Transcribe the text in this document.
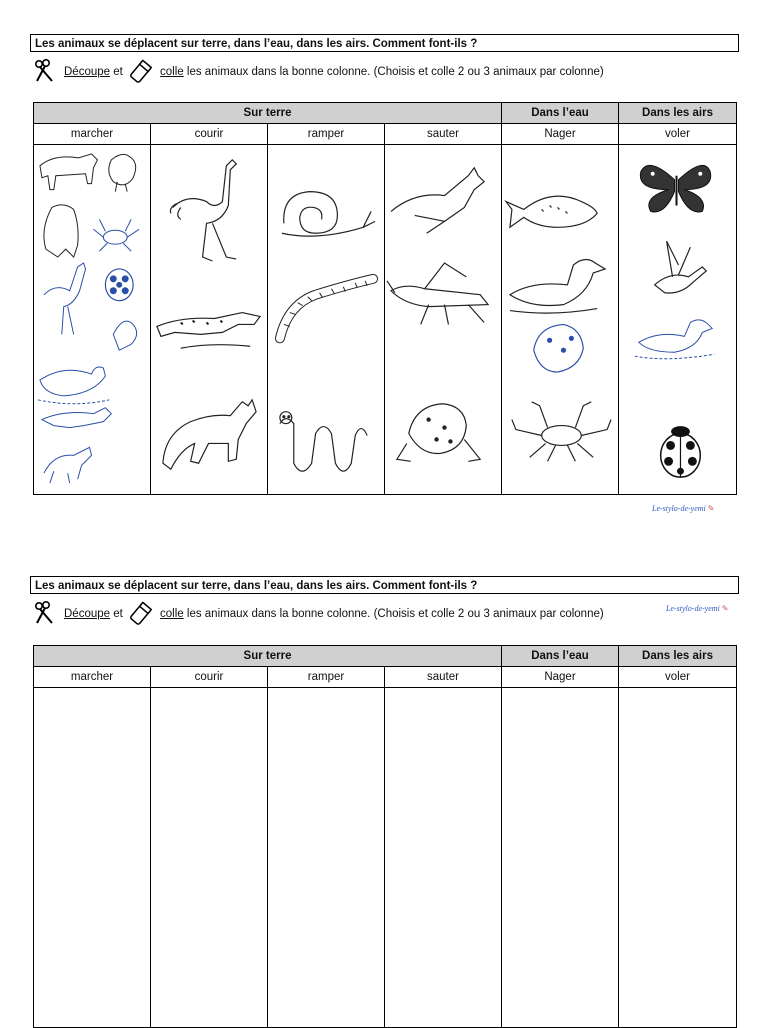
Les animaux se déplacent sur terre, dans l’eau, dans les airs. Comment font-ils ?
Découpe et	colle les animaux dans la bonne colonne. (Choisis et colle 2 ou 3 animaux par colonne)
Sur terre				Dans l’eau	Dans les airs
marcher	courir	ramper	sauter	Nager	voler

Le-stylo-de-yemi ✎
Les animaux se déplacent sur terre, dans l’eau, dans les airs. Comment font-ils ?
Découpe et	colle les animaux dans la bonne colonne. (Choisis et colle 2 ou 3 animaux par colonne)	Le-stylo-de-yemi ✎
Sur terre				Dans l’eau	Dans les airs
marcher	courir	ramper	sauter	Nager	voler
